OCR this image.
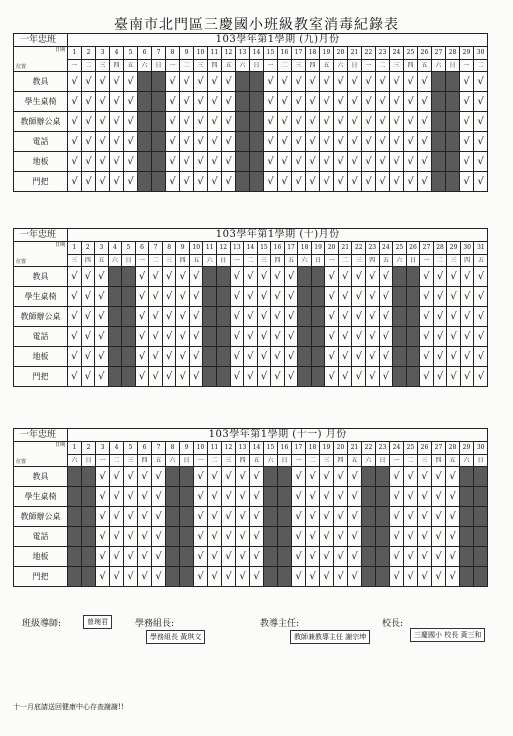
臺南市北門區三慶國小班級教室消毒紀錄表
一年忠班	103學年第1學期 (九)月份																													

日期
位置	1	2	3	4	5	6	7	8	9	10	11	12	13	14	15	16	17	18	19	20	21	22	23	24	25	26	27	28	29	30
	一	二	三	四	五	六	日	一	二	三	四	五	六	日	一	二	三	四	五	六	日	一	二	三	四	五	六	日	一	二
教具	√	√	√	√	√			√	√	√	√	√			√	√	√	√	√	√	√	√	√	√	√	√			√	√
學生桌椅	√	√	√	√	√			√	√	√	√	√			√	√	√	√	√	√	√	√	√	√	√	√			√	√
教師辦公桌	√	√	√	√	√			√	√	√	√	√			√	√	√	√	√	√	√	√	√	√	√	√			√	√
電話	√	√	√	√	√			√	√	√	√	√			√	√	√	√	√	√	√	√	√	√	√	√			√	√
地板	√	√	√	√	√			√	√	√	√	√			√	√	√	√	√	√	√	√	√	√	√	√			√	√
門把	√	√	√	√	√			√	√	√	√	√			√	√	√	√	√	√	√	√	√	√	√	√			√	√
一年忠班	103學年第1學期 (十)月份																														

日期
位置	1	2	3	4	5	6	7	8	9	10	11	12	13	14	15	16	17	18	19	20	21	22	23	24	25	26	27	28	29	30	31
	三	四	五	六	日	一	二	三	四	五	六	日	一	二	三	四	五	六	日	一	二	三	四	五	六	日	一	二	三	四	五
教具	√	√	√			√	√	√	√	√			√	√	√	√	√			√	√	√	√	√			√	√	√	√	√
學生桌椅	√	√	√			√	√	√	√	√			√	√	√	√	√			√	√	√	√	√			√	√	√	√	√
教師辦公桌	√	√	√			√	√	√	√	√			√	√	√	√	√			√	√	√	√	√			√	√	√	√	√
電話	√	√	√			√	√	√	√	√			√	√	√	√	√			√	√	√	√	√			√	√	√	√	√
地板	√	√	√			√	√	√	√	√			√	√	√	√	√			√	√	√	√	√			√	√	√	√	√
門把	√	√	√			√	√	√	√	√			√	√	√	√	√			√	√	√	√	√			√	√	√	√	√
一年忠班	103學年第1學期 (十一) 月份																													

日期
位置	1	2	3	4	5	6	7	8	9	10	11	12	13	14	15	16	17	18	19	20	21	22	23	24	25	26	27	28	29	30
	六	日	一	二	三	四	五	六	日	一	二	三	四	五	六	日	一	二	三	四	五	六	日	一	二	三	四	五	六	日
教具			√	√	√	√	√			√	√	√	√	√			√	√	√	√	√			√	√	√	√	√		
學生桌椅			√	√	√	√	√			√	√	√	√	√			√	√	√	√	√			√	√	√	√	√		
教師辦公桌			√	√	√	√	√			√	√	√	√	√			√	√	√	√	√			√	√	√	√	√		
電話			√	√	√	√	√			√	√	√	√	√			√	√	√	√	√			√	√	√	√	√		
地板			√	√	√	√	√			√	√	√	√	√			√	√	√	√	√			√	√	√	√	√		
門把			√	√	√	√	√			√	√	√	√	√			√	√	√	√	√			√	√	√	√	√		
班級導師:	曾琬君	學務組長:
學務組長 黃琪文
教導主任:
教師兼教導主任 謝宗坤
校長:
三慶國小 校長 黃三和
十一月底請送回健康中心存查謝謝!!
